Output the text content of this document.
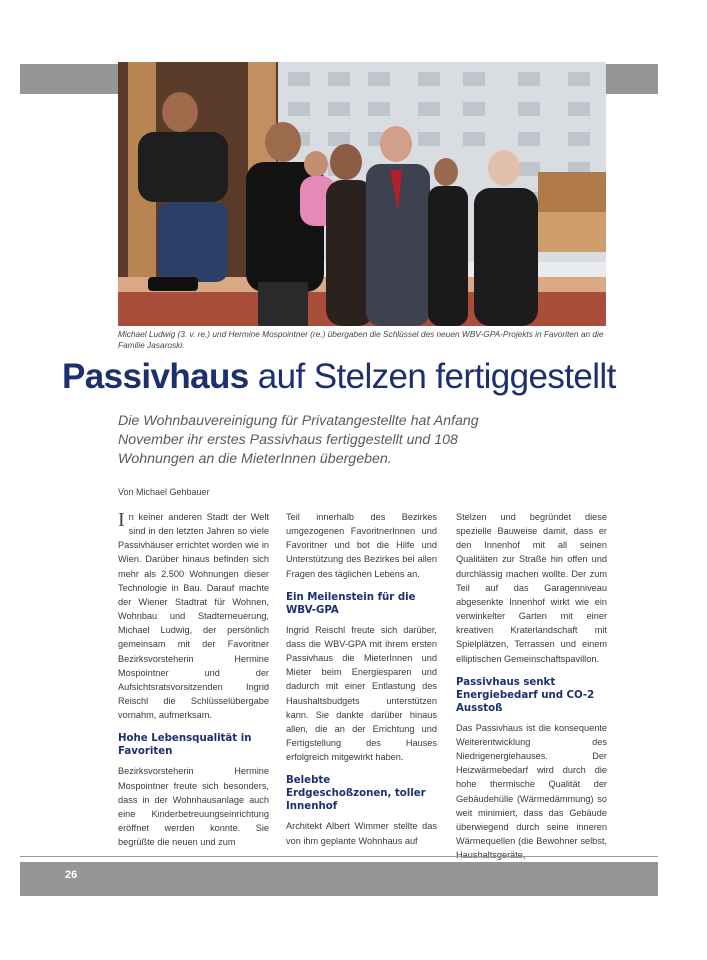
www.ideefoto.com
Michael Ludwig (3. v. re.) und Hermine Mospointner (re.) übergaben die Schlüssel des neuen WBV-GPA-Projekts in Favoriten an die Familie Jasaroski.
Passivhaus auf Stelzen fertiggestellt
Die Wohnbauvereinigung für Privatangestellte hat Anfang November ihr erstes Passivhaus fertiggestellt und 108 Wohnungen an die MieterInnen übergeben.
Von Michael Gehbauer

In keiner anderen Stadt der Welt sind in den letzten Jahren so viele Passivhäuser errichtet worden wie in Wien. Darüber hinaus befinden sich mehr als 2.500 Wohnungen dieser Technologie in Bau. Darauf machte der Wiener Stadtrat für Wohnen, Wohnbau und Stadterneuerung, Michael Ludwig, der persönlich gemeinsam mit der Favoritner Bezirksvorsteherin Hermine Mospointner und der Aufsichtsratsvorsitzenden Ingrid Reischl die Schlüsselübergabe vornahm, aufmerksam.

Hohe Lebensqualität in Favoriten

Bezirksvorsteherin Hermine Mospointner freute sich besonders, dass in der Wohnhausanlage auch eine Kinderbetreuungseinrichtung eröffnet werden konnte. Sie begrüßte die neuen und zum

Teil innerhalb des Bezirkes umgezogenen FavoritnerInnen und Favoritner und bot die Hilfe und Unterstützung des Bezirkes bei allen Fragen des täglichen Lebens an.

Ein Meilenstein für die WBV-GPA

Ingrid Reischl freute sich darüber, dass die WBV-GPA mit ihrem ersten Passivhaus die MieterInnen und Mieter beim Energiesparen und dadurch mit einer Entlastung des Haushaltsbudgets unterstützen kann. Sie dankte darüber hinaus allen, die an der Errichtung und Fertigstellung des Hauses erfolgreich mitgewirkt haben.

Belebte Erdgeschoßzonen, toller Innenhof

Architekt Albert Wimmer stellte das von ihm geplante Wohnhaus auf

Stelzen und begründet diese spezielle Bauweise damit, dass er den Innenhof mit all seinen Qualitäten zur Straße hin offen und durchlässig machen wollte. Der zum Teil auf das Garagenniveau abgesenkte Innenhof wirkt wie ein verwinkelter Garten mit einer kreativen Kraterlandschaft mit Spielplätzen, Terrassen und einem elliptischen Gemeinschaftspavillon.

Passivhaus senkt Energiebedarf und CO-2 Ausstoß

Das Passivhaus ist die konsequente Weiterentwicklung des Niedrigenergiehauses. Der Heizwärmebedarf wird durch die hohe thermische Qualität der Gebäudehülle (Wärmedämmung) so weit minimiert, dass das Gebäude überwiegend durch seine inneren Wärmequellen (die Bewohner selbst,

26
